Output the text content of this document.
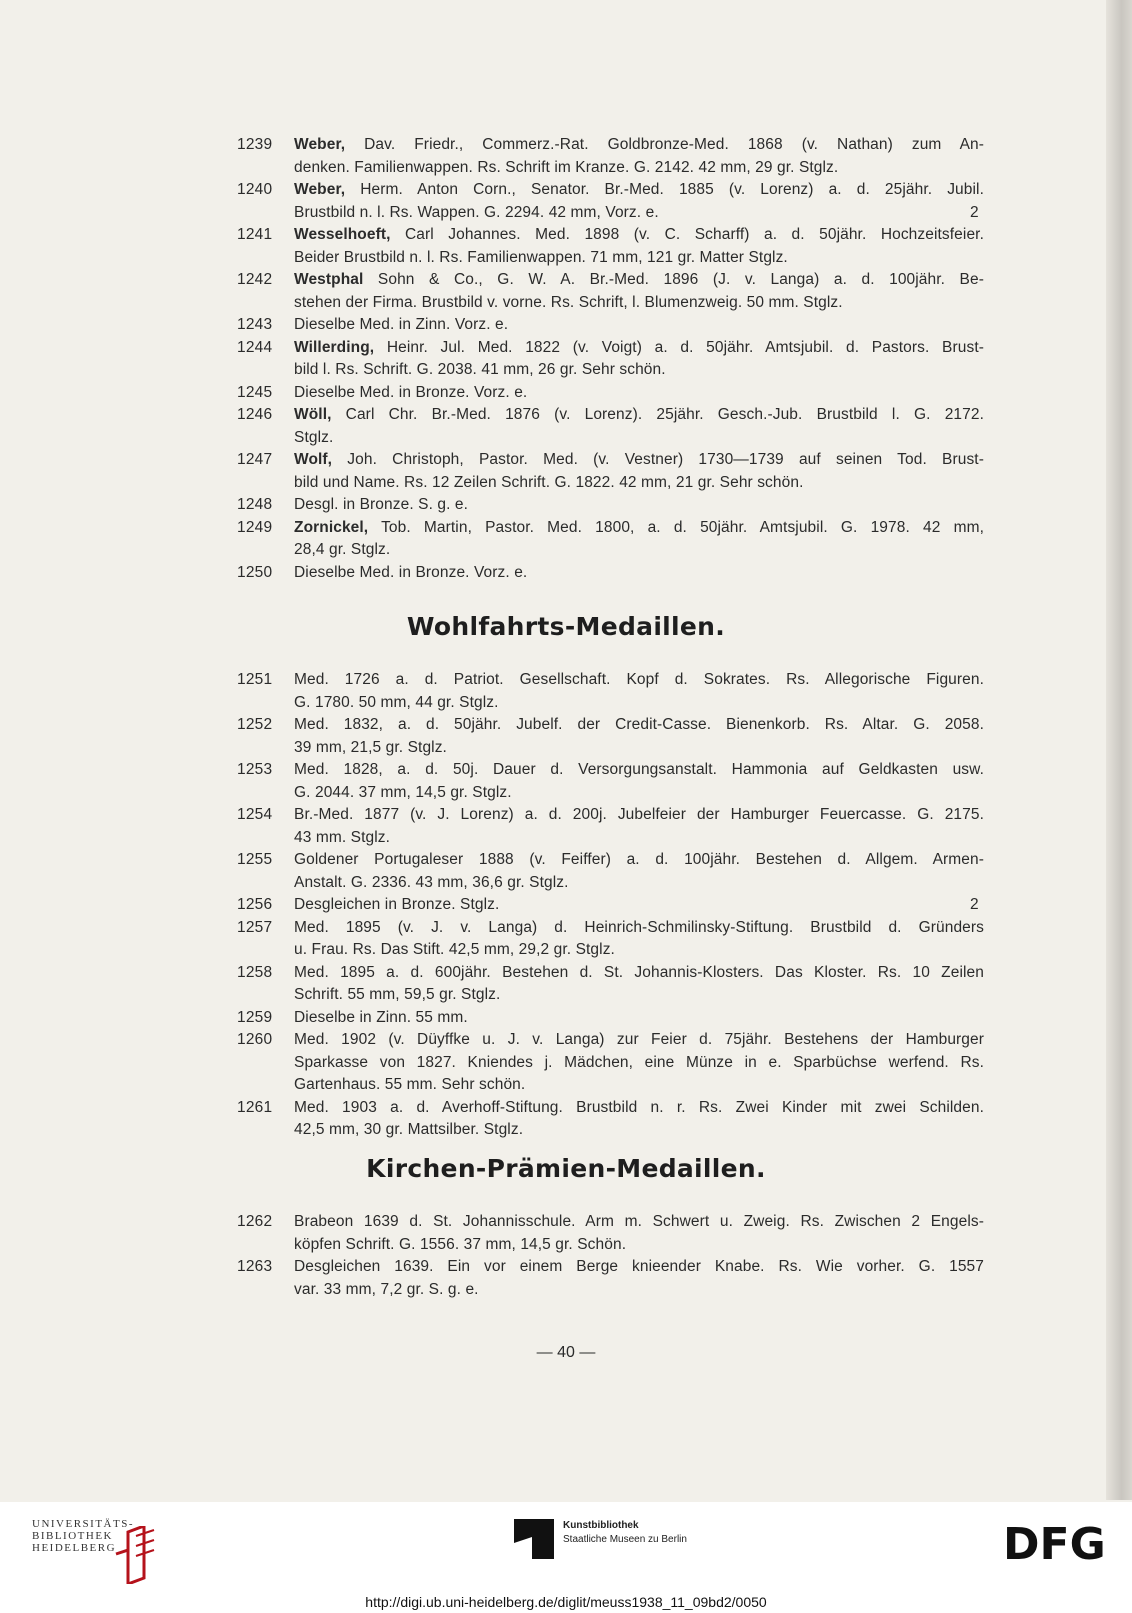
1239	Weber, Dav. Friedr., Commerz.-Rat. Goldbronze-Med. 1868 (v. Nathan) zum An-
denken. Familienwappen. Rs. Schrift im Kranze. G. 2142. 42 mm, 29 gr. Stglz.
1240	Weber, Herm. Anton Corn., Senator. Br.-Med. 1885 (v. Lorenz) a. d. 25jähr. Jubil.
Brustbild n. l. Rs. Wappen. G. 2294. 42 mm, Vorz. e.	2
1241	Wesselhoeft, Carl Johannes. Med. 1898 (v. C. Scharff) a. d. 50jähr. Hochzeitsfeier.
Beider Brustbild n. l. Rs. Familienwappen. 71 mm, 121 gr. Matter Stglz.
1242	Westphal Sohn & Co., G. W. A. Br.-Med. 1896 (J. v. Langa) a. d. 100jähr. Be-
stehen der Firma. Brustbild v. vorne. Rs. Schrift, l. Blumenzweig. 50 mm. Stglz.
1243	Dieselbe Med. in Zinn. Vorz. e.
1244	Willerding, Heinr. Jul. Med. 1822 (v. Voigt) a. d. 50jähr. Amtsjubil. d. Pastors. Brust-
bild l. Rs. Schrift. G. 2038. 41 mm, 26 gr. Sehr schön.
1245	Dieselbe Med. in Bronze. Vorz. e.
1246	Wöll, Carl Chr. Br.-Med. 1876 (v. Lorenz). 25jähr. Gesch.-Jub. Brustbild l. G. 2172.
Stglz.
1247	Wolf, Joh. Christoph, Pastor. Med. (v. Vestner) 1730—1739 auf seinen Tod. Brust-
bild und Name. Rs. 12 Zeilen Schrift. G. 1822. 42 mm, 21 gr. Sehr schön.
1248	Desgl. in Bronze. S. g. e.
1249	Zornickel, Tob. Martin, Pastor. Med. 1800, a. d. 50jähr. Amtsjubil. G. 1978. 42 mm,
28,4 gr. Stglz.
1250	Dieselbe Med. in Bronze. Vorz. e.
1251	Med. 1726 a. d. Patriot. Gesellschaft. Kopf d. Sokrates. Rs. Allegorische Figuren.
G. 1780. 50 mm, 44 gr. Stglz.
1252	Med. 1832, a. d. 50jähr. Jubelf. der Credit-Casse. Bienenkorb. Rs. Altar. G. 2058.
39 mm, 21,5 gr. Stglz.
1253	Med. 1828, a. d. 50j. Dauer d. Versorgungsanstalt. Hammonia auf Geldkasten usw.
G. 2044. 37 mm, 14,5 gr. Stglz.
1254	Br.-Med. 1877 (v. J. Lorenz) a. d. 200j. Jubelfeier der Hamburger Feuercasse. G. 2175.
43 mm. Stglz.
1255	Goldener Portugaleser 1888 (v. Feiffer) a. d. 100jähr. Bestehen d. Allgem. Armen-
Anstalt. G. 2336. 43 mm, 36,6 gr. Stglz.
1256	Desgleichen in Bronze. Stglz.	2
1257	Med. 1895 (v. J. v. Langa) d. Heinrich-Schmilinsky-Stiftung. Brustbild d. Gründers
u. Frau. Rs. Das Stift. 42,5 mm, 29,2 gr. Stglz.
1258	Med. 1895 a. d. 600jähr. Bestehen d. St. Johannis-Klosters. Das Kloster. Rs. 10 Zeilen
Schrift. 55 mm, 59,5 gr. Stglz.
1259	Dieselbe in Zinn. 55 mm.
1260	Med. 1902 (v. Düyffke u. J. v. Langa) zur Feier d. 75jähr. Bestehens der Hamburger
Sparkasse von 1827. Kniendes j. Mädchen, eine Münze in e. Sparbüchse werfend. Rs.
Gartenhaus. 55 mm. Sehr schön.
1261	Med. 1903 a. d. Averhoff-Stiftung. Brustbild n. r. Rs. Zwei Kinder mit zwei Schilden.
42,5 mm, 30 gr. Mattsilber. Stglz.
1262	Brabeon 1639 d. St. Johannisschule. Arm m. Schwert u. Zweig. Rs. Zwischen 2 Engels-
köpfen Schrift. G. 1556. 37 mm, 14,5 gr. Schön.
1263	Desgleichen 1639. Ein vor einem Berge knieender Knabe. Rs. Wie vorher. G. 1557
var. 33 mm, 7,2 gr. S. g. e.
Wohlfahrts-Medaillen.
Kirchen-Prämien-Medaillen.
— 40 —
UNIVERSITÄTS-
BIBLIOTHEK
HEIDELBERG
Kunstbibliothek
Staatliche Museen zu Berlin	DFG
http://digi.ub.uni-heidelberg.de/diglit/meuss1938_11_09bd2/0050
